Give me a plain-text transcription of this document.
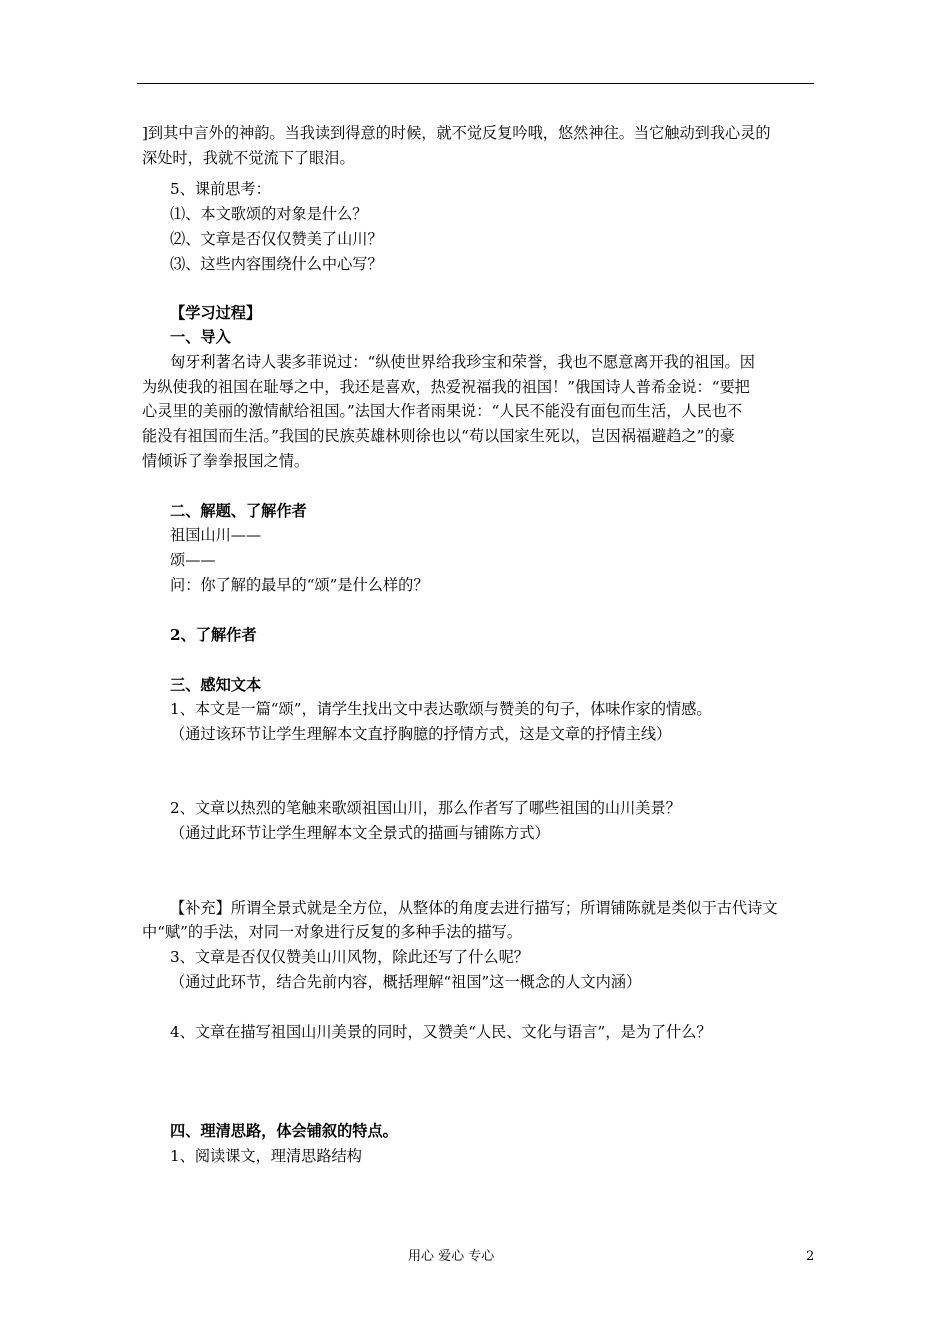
]到其中言外的神韵。当我读到得意的时候，就不觉反复吟哦，悠然神往。当它触动到我心灵的
深处时，我就不觉流下了眼泪。
5、课前思考：
⑴、本文歌颂的对象是什么？
⑵、文章是否仅仅赞美了山川？
⑶、这些内容围绕什么中心写？
【学习过程】
一、导入
匈牙利著名诗人裴多菲说过：“纵使世界给我珍宝和荣誉，我也不愿意离开我的祖国。因
为纵使我的祖国在耻辱之中，我还是喜欢，热爱祝福我的祖国！”俄国诗人普希金说：“要把
心灵里的美丽的激情献给祖国。”法国大作者雨果说：“人民不能没有面包而生活，人民也不
能没有祖国而生活。”我国的民族英雄林则徐也以“苟以国家生死以，岂因祸福避趋之”的豪
情倾诉了拳拳报国之情。
二、解题、了解作者
祖国山川——
颂——
问：你了解的最早的“颂”是什么样的？
2、了解作者
三、感知文本
1、本文是一篇“颂”，请学生找出文中表达歌颂与赞美的句子，体味作家的情感。
（通过该环节让学生理解本文直抒胸臆的抒情方式，这是文章的抒情主线）
2、文章以热烈的笔触来歌颂祖国山川，那么作者写了哪些祖国的山川美景？
（通过此环节让学生理解本文全景式的描画与铺陈方式）
【补充】所谓全景式就是全方位，从整体的角度去进行描写；所谓铺陈就是类似于古代诗文
中“赋”的手法，对同一对象进行反复的多种手法的描写。
3、文章是否仅仅赞美山川风物，除此还写了什么呢？
（通过此环节，结合先前内容，概括理解“祖国”这一概念的人文内涵）
4、文章在描写祖国山川美景的同时，又赞美“人民、文化与语言”，是为了什么？
四、理清思路，体会铺叙的特点。
1、阅读课文，理清思路结构
用心 爱心 专心	2
